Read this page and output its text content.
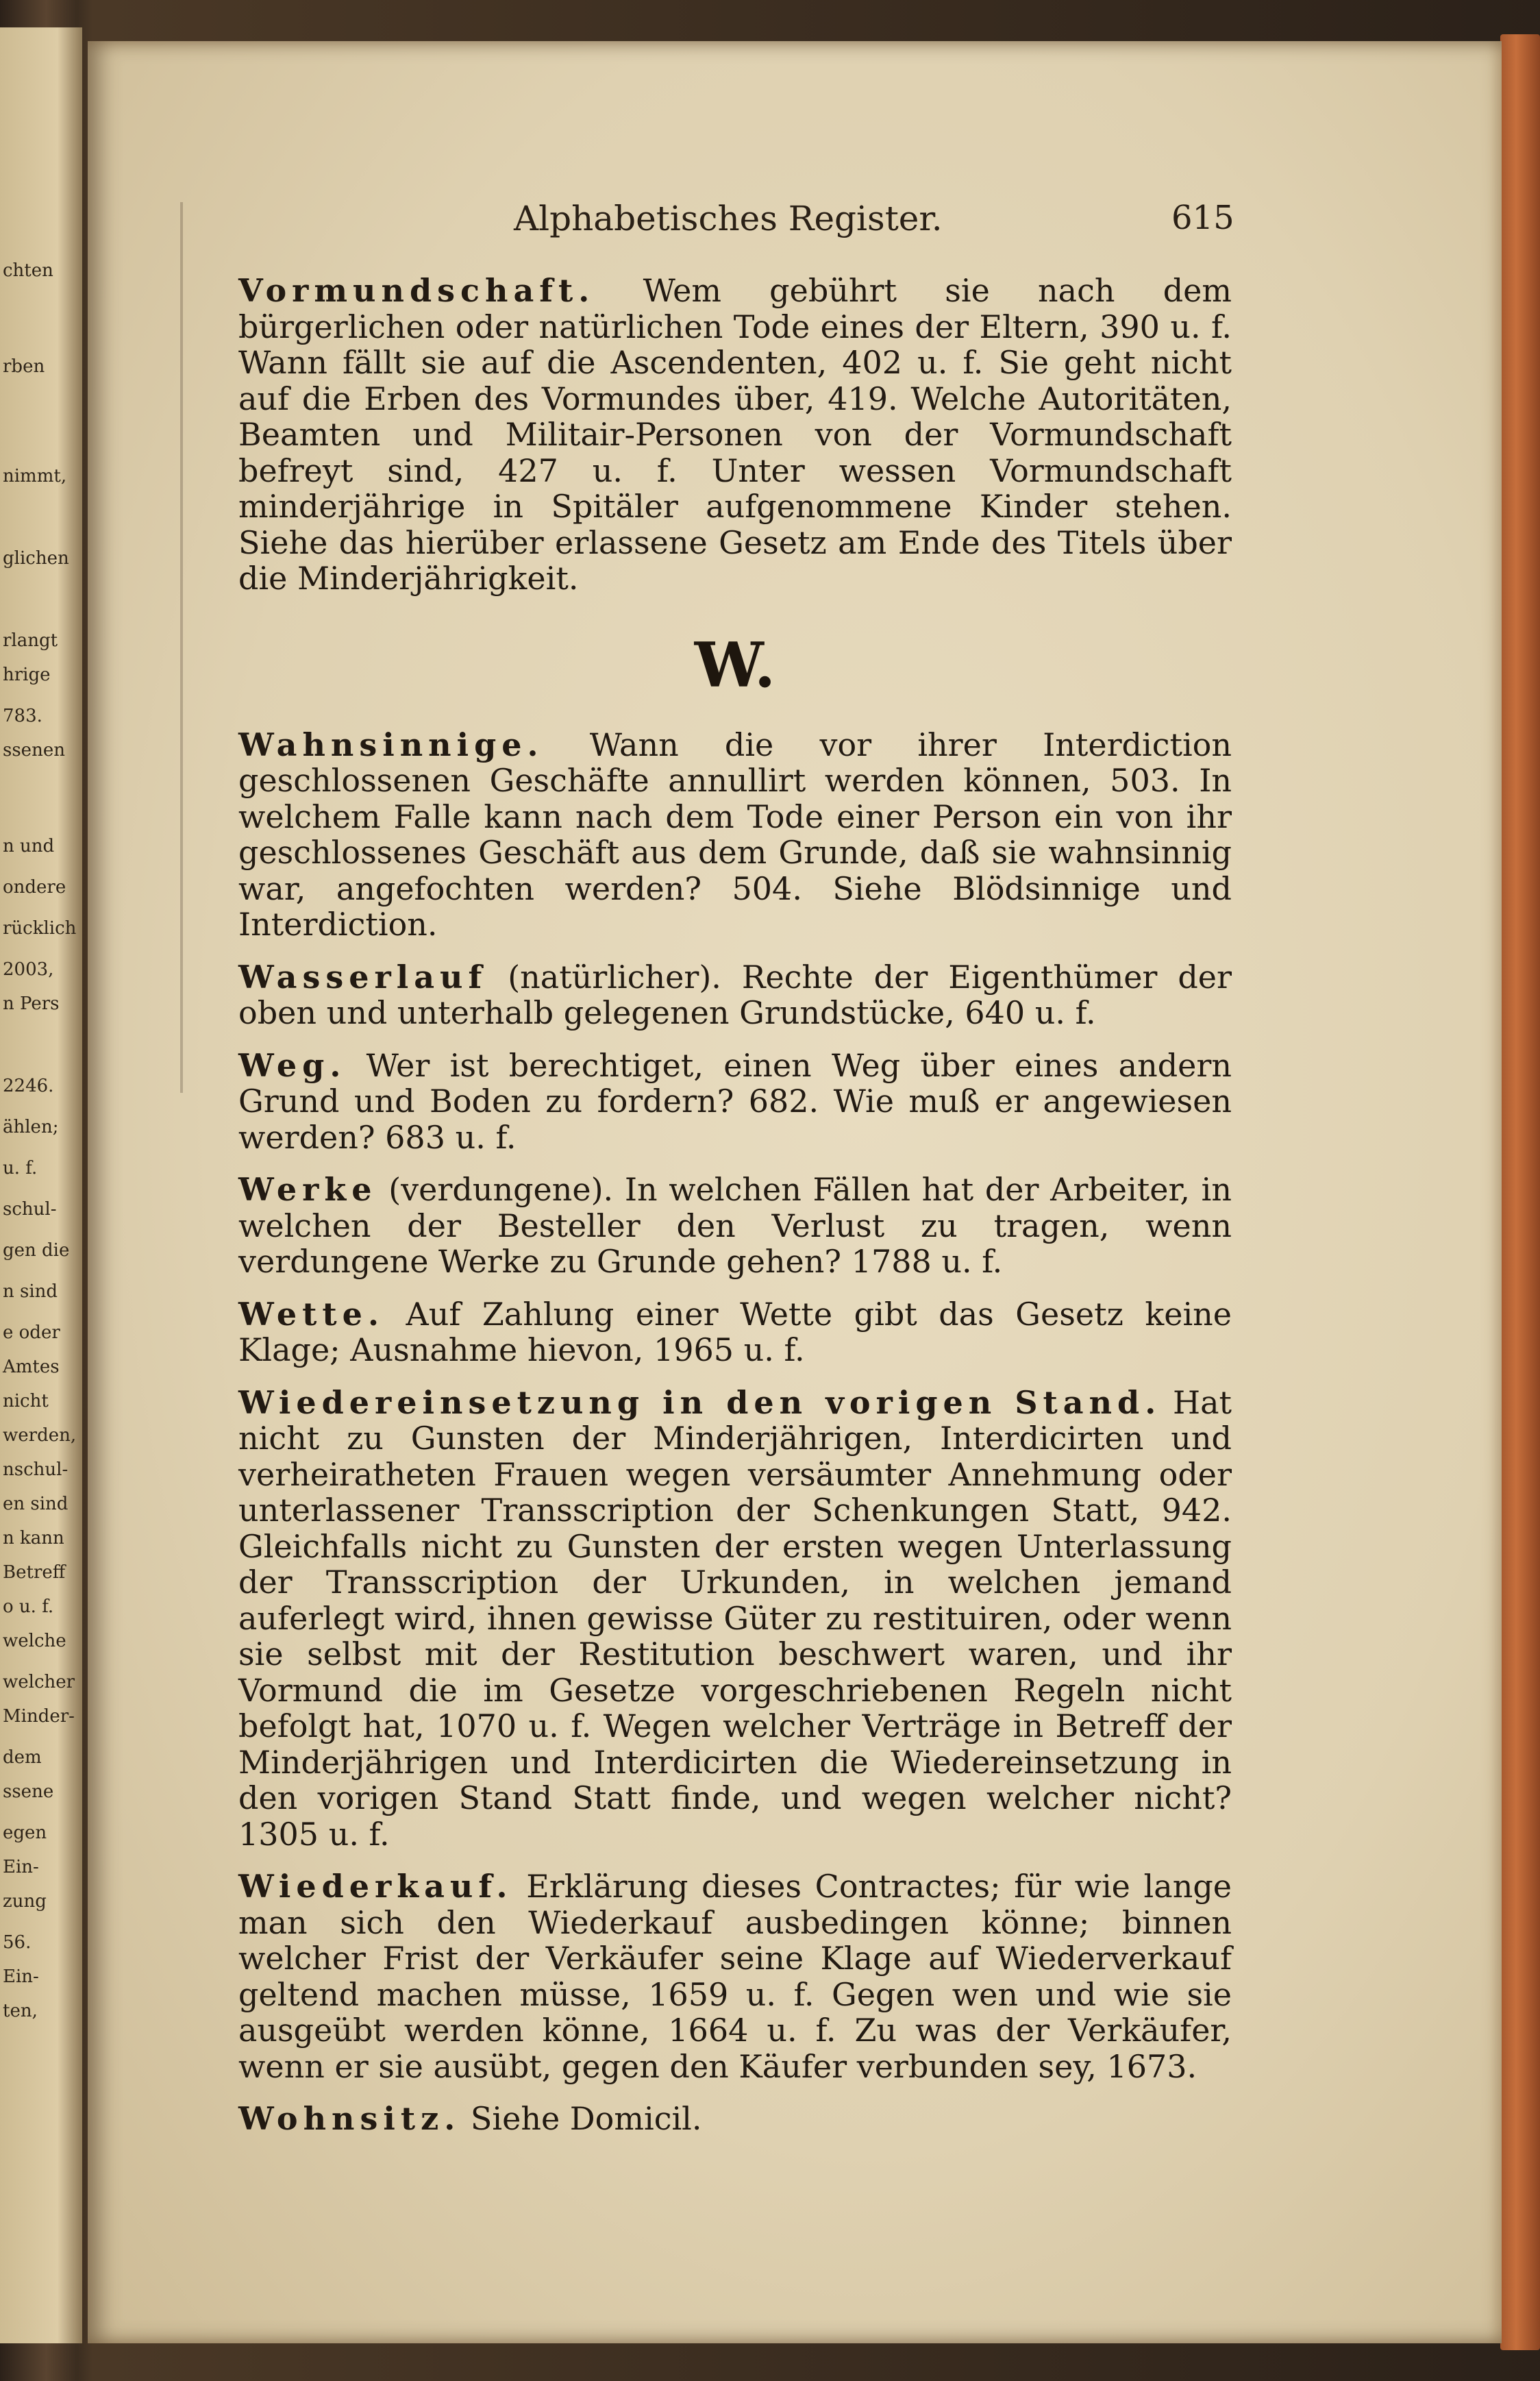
chten
rben
nimmt,
glichen
rlangt
hrige
783.
ssenen
n und
ondere
rücklich
2003,
n Pers
2246.
ählen;
u. f.
schul-
gen die
n sind
e oder
Amtes
nicht
werden,
nschul-
en sind
n kann
Betreff
o u. f.
welche
welcher
Minder-
dem
ssene
egen
Ein-
zung
56.
Ein-
ten,
Alphabetisches Register.	615

Vormundschaft. Wem gebührt sie nach dem bürgerlichen oder natürlichen Tode eines der Eltern, 390 u. f. Wann fällt sie auf die Ascendenten, 402 u. f. Sie geht nicht auf die Erben des Vormundes über, 419. Welche Autoritäten, Beamten und Militair-Personen von der Vormundschaft befreyt sind, 427 u. f. Unter wessen Vormundschaft minderjährige in Spitäler aufgenommene Kinder stehen. Siehe das hierüber erlassene Gesetz am Ende des Titels über die Minderjährigkeit.

W.

Wahnsinnige. Wann die vor ihrer Interdiction geschlossenen Geschäfte annullirt werden können, 503. In welchem Falle kann nach dem Tode einer Person ein von ihr geschlossenes Geschäft aus dem Grunde, daß sie wahnsinnig war, angefochten werden? 504. Siehe Blödsinnige und Interdiction.

Wasserlauf (natürlicher). Rechte der Eigenthümer der oben und unterhalb gelegenen Grundstücke, 640 u. f.

Weg. Wer ist berechtiget, einen Weg über eines andern Grund und Boden zu fordern? 682. Wie muß er angewiesen werden? 683 u. f.

Werke (verdungene). In welchen Fällen hat der Arbeiter, in welchen der Besteller den Verlust zu tragen, wenn verdungene Werke zu Grunde gehen? 1788 u. f.

Wette. Auf Zahlung einer Wette gibt das Gesetz keine Klage; Ausnahme hievon, 1965 u. f.

Wiedereinsetzung in den vorigen Stand. Hat nicht zu Gunsten der Minderjährigen, Interdicirten und verheiratheten Frauen wegen versäumter Annehmung oder unterlassener Transscription der Schenkungen Statt, 942. Gleichfalls nicht zu Gunsten der ersten wegen Unterlassung der Transscription der Urkunden, in welchen jemand auferlegt wird, ihnen gewisse Güter zu restituiren, oder wenn sie selbst mit der Restitution beschwert waren, und ihr Vormund die im Gesetze vorgeschriebenen Regeln nicht befolgt hat, 1070 u. f. Wegen welcher Verträge in Betreff der Minderjährigen und Interdicirten die Wiedereinsetzung in den vorigen Stand Statt finde, und wegen welcher nicht? 1305 u. f.

Wiederkauf. Erklärung dieses Contractes; für wie lange man sich den Wiederkauf ausbedingen könne; binnen welcher Frist der Verkäufer seine Klage auf Wiederverkauf geltend machen müsse, 1659 u. f. Gegen wen und wie sie ausgeübt werden könne, 1664 u. f. Zu was der Verkäufer, wenn er sie ausübt, gegen den Käufer verbunden sey, 1673.

Wohnsitz. Siehe Domicil.
